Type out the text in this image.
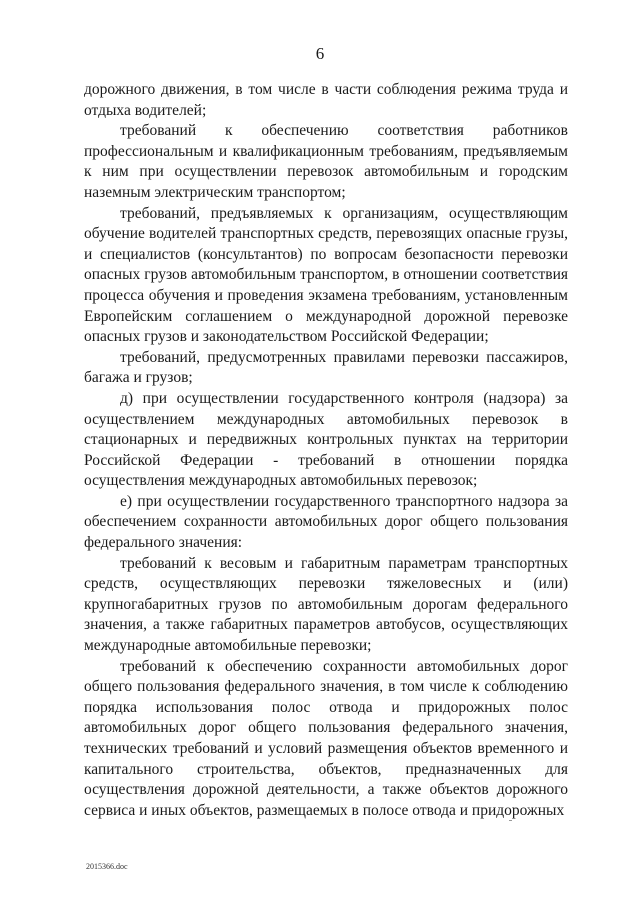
6

дорожного движения, в том числе в части соблюдения режима труда и отдыха водителей;

требований к обеспечению соответствия работников профессиональным и квалификационным требованиям, предъявляемым к ним при осуществлении перевозок автомобильным и городским наземным электрическим транспортом;

требований, предъявляемых к организациям, осуществляющим обучение водителей транспортных средств, перевозящих опасные грузы, и специалистов (консультантов) по вопросам безопасности перевозки опасных грузов автомобильным транспортом, в отношении соответствия процесса обучения и проведения экзамена требованиям, установленным Европейским соглашением о международной дорожной перевозке опасных грузов и законодательством Российской Федерации;

требований, предусмотренных правилами перевозки пассажиров, багажа и грузов;

д) при осуществлении государственного контроля (надзора) за осуществлением международных автомобильных перевозок в стационарных и передвижных контрольных пунктах на территории Российской Федерации - требований в отношении порядка осуществления международных автомобильных перевозок;

е) при осуществлении государственного транспортного надзора за обеспечением сохранности автомобильных дорог общего пользования федерального значения:

требований к весовым и габаритным параметрам транспортных средств, осуществляющих перевозки тяжеловесных и (или) крупногабаритных грузов по автомобильным дорогам федерального значения, а также габаритных параметров автобусов, осуществляющих международные автомобильные перевозки;

требований к обеспечению сохранности автомобильных дорог общего пользования федерального значения, в том числе к соблюдению порядка использования полос отвода и придорожных полос автомобильных дорог общего пользования федерального значения, технических требований и условий размещения объектов временного и капитального строительства, объектов, предназначенных для осуществления дорожной деятельности, а также объектов дорожного сервиса и иных объектов, размещаемых в полосе отвода и придорожных

2015366.doc
